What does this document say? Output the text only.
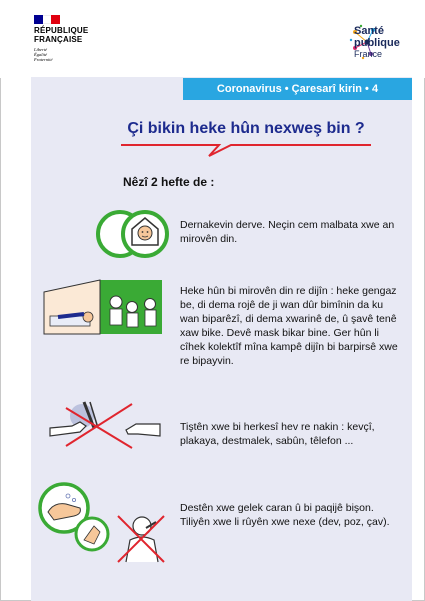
RÉPUBLIQUE
FRANÇAISE
Liberté
Égalité
Fraternité
Santé
publique
France
Coronavirus • Çaresarî kirin • 4
Çi bikin heke hûn nexweş bin ?
Nêzî 2 hefte de :
Dernakevin derve. Neçin cem malbata xwe an mirovên din.
Heke hûn bi mirovên din re dijîn : heke gengaz be, di dema rojê de ji wan dûr bimînin da ku wan biparêzî, di dema xwarinê de, û şavê tenê xaw bike. Devê mask bikar bine. Ger hûn li cîhek kolektîf mîna kampê dijîn bi barpirsê xwe re bipayvin.
Tiştên xwe bi herkesî hev re nakin : kevçî, plakaya, destmalek, sabûn, têlefon ...
Destên xwe gelek caran û bi paqijê bişon. Tiliyên xwe li rûyên xwe nexe (dev, poz, çav).
